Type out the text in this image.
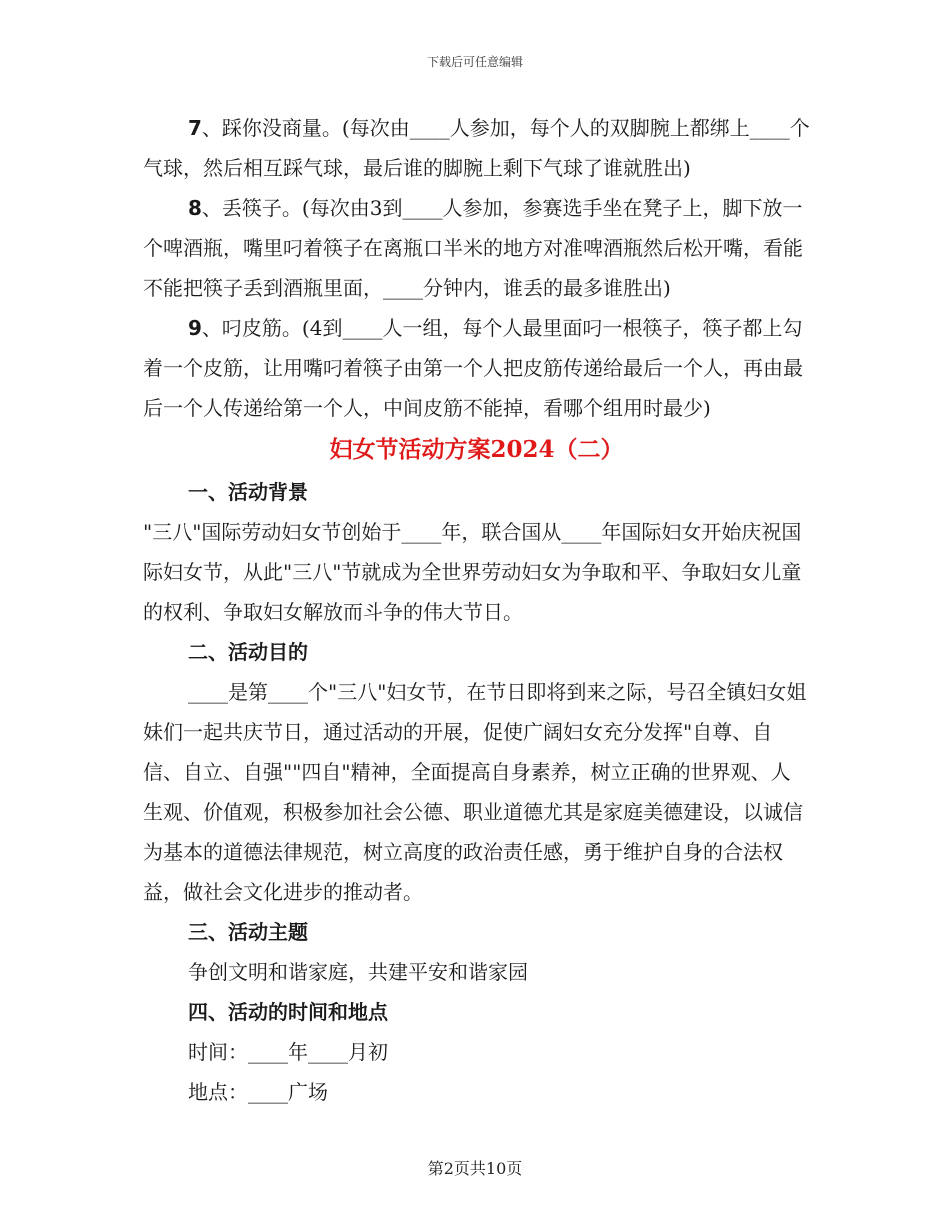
下载后可任意编辑

7、踩你没商量。(每次由____人参加，每个人的双脚腕上都绑上____个气球，然后相互踩气球，最后谁的脚腕上剩下气球了谁就胜出)

8、丢筷子。(每次由3到____人参加，参赛选手坐在凳子上，脚下放一个啤酒瓶，嘴里叼着筷子在离瓶口半米的地方对准啤酒瓶然后松开嘴，看能不能把筷子丢到酒瓶里面，____分钟内，谁丢的最多谁胜出)

9、叼皮筋。(4到____人一组，每个人最里面叼一根筷子，筷子都上勾着一个皮筋，让用嘴叼着筷子由第一个人把皮筋传递给最后一个人，再由最后一个人传递给第一个人，中间皮筋不能掉，看哪个组用时最少)

妇女节活动方案2024（二）

一、活动背景

"三八"国际劳动妇女节创始于____年，联合国从____年国际妇女开始庆祝国际妇女节，从此"三八"节就成为全世界劳动妇女为争取和平、争取妇女儿童的权利、争取妇女解放而斗争的伟大节日。

二、活动目的

____是第____个"三八"妇女节，在节日即将到来之际，号召全镇妇女姐妹们一起共庆节日，通过活动的开展，促使广阔妇女充分发挥"自尊、自信、自立、自强""四自"精神，全面提高自身素养，树立正确的世界观、人生观、价值观，积极参加社会公德、职业道德尤其是家庭美德建设，以诚信为基本的道德法律规范，树立高度的政治责任感，勇于维护自身的合法权益，做社会文化进步的推动者。

三、活动主题

争创文明和谐家庭，共建平安和谐家园

四、活动的时间和地点

时间：____年____月初

地点：____广场

第2页共10页
